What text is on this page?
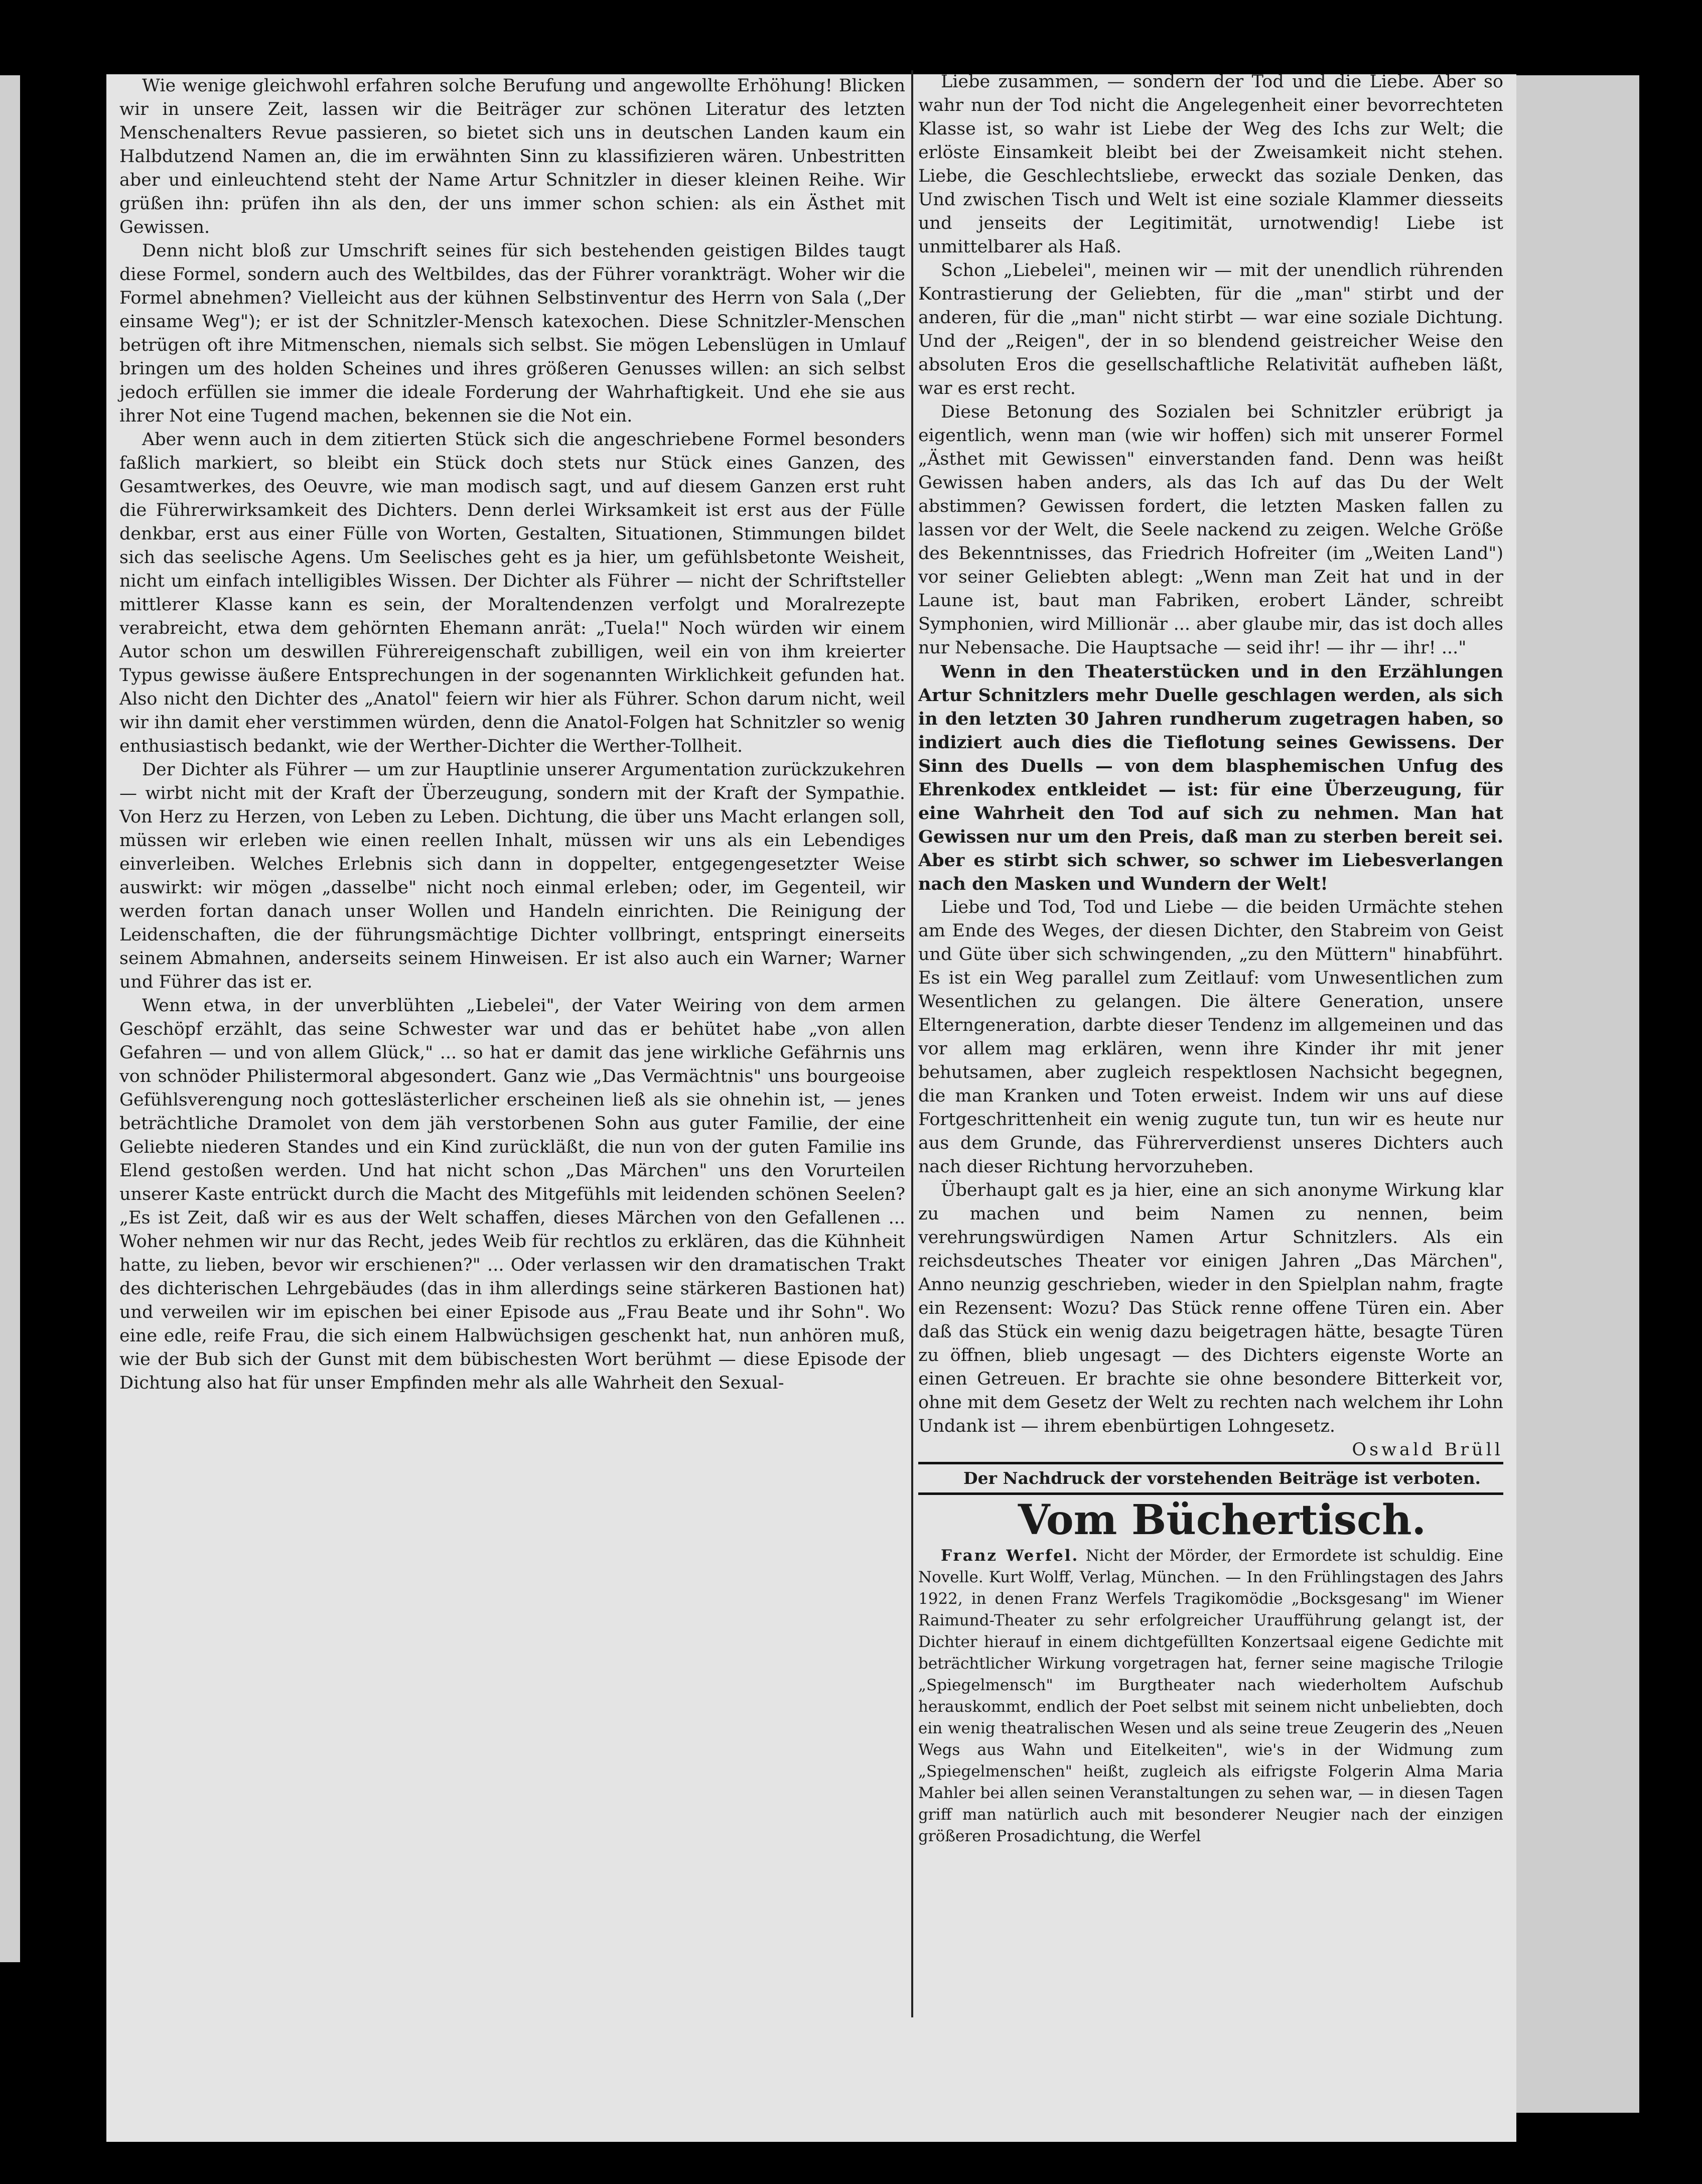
Wie wenige gleichwohl erfahren solche Berufung und angewollte Erhöhung! Blicken wir in unsere Zeit, lassen wir die Beiträger zur schönen Literatur des letzten Menschenalters Revue passieren, so bietet sich uns in deutschen Landen kaum ein Halbdutzend Namen an, die im erwähnten Sinn zu klassifizieren wären. Unbestritten aber und einleuchtend steht der Name Artur Schnitzler in dieser kleinen Reihe. Wir grüßen ihn: prüfen ihn als den, der uns immer schon schien: als ein Ästhet mit Gewissen.

Denn nicht bloß zur Umschrift seines für sich bestehenden geistigen Bildes taugt diese Formel, sondern auch des Weltbildes, das der Führer vorankträgt. Woher wir die Formel abnehmen? Vielleicht aus der kühnen Selbstinventur des Herrn von Sala („Der einsame Weg"); er ist der Schnitzler-Mensch katexochen. Diese Schnitzler-Menschen betrügen oft ihre Mitmenschen, niemals sich selbst. Sie mögen Lebenslügen in Umlauf bringen um des holden Scheines und ihres größeren Genusses willen: an sich selbst jedoch erfüllen sie immer die ideale Forderung der Wahrhaftigkeit. Und ehe sie aus ihrer Not eine Tugend machen, bekennen sie die Not ein.

Aber wenn auch in dem zitierten Stück sich die angeschriebene Formel besonders faßlich markiert, so bleibt ein Stück doch stets nur Stück eines Ganzen, des Gesamtwerkes, des Oeuvre, wie man modisch sagt, und auf diesem Ganzen erst ruht die Führerwirksamkeit des Dichters. Denn derlei Wirksamkeit ist erst aus der Fülle denkbar, erst aus einer Fülle von Worten, Gestalten, Situationen, Stimmungen bildet sich das seelische Agens. Um Seelisches geht es ja hier, um gefühlsbetonte Weisheit, nicht um einfach intelligibles Wissen. Der Dichter als Führer — nicht der Schriftsteller mittlerer Klasse kann es sein, der Moraltendenzen verfolgt und Moralrezepte verabreicht, etwa dem gehörnten Ehemann anrät: „Tuela!" Noch würden wir einem Autor schon um deswillen Führereigenschaft zubilligen, weil ein von ihm kreierter Typus gewisse äußere Entsprechungen in der sogenannten Wirklichkeit gefunden hat. Also nicht den Dichter des „Anatol" feiern wir hier als Führer. Schon darum nicht, weil wir ihn damit eher verstimmen würden, denn die Anatol-Folgen hat Schnitzler so wenig enthusiastisch bedankt, wie der Werther-Dichter die Werther-Tollheit.

Der Dichter als Führer — um zur Hauptlinie unserer Argumentation zurückzukehren — wirbt nicht mit der Kraft der Überzeugung, sondern mit der Kraft der Sympathie. Von Herz zu Herzen, von Leben zu Leben. Dichtung, die über uns Macht erlangen soll, müssen wir erleben wie einen reellen Inhalt, müssen wir uns als ein Lebendiges einverleiben. Welches Erlebnis sich dann in doppelter, entgegengesetzter Weise auswirkt: wir mögen „dasselbe" nicht noch einmal erleben; oder, im Gegenteil, wir werden fortan danach unser Wollen und Handeln einrichten. Die Reinigung der Leidenschaften, die der führungsmächtige Dichter vollbringt, entspringt einerseits seinem Abmahnen, anderseits seinem Hinweisen. Er ist also auch ein Warner; Warner und Führer das ist er.

Wenn etwa, in der unverblühten „Liebelei", der Vater Weiring von dem armen Geschöpf erzählt, das seine Schwester war und das er behütet habe „von allen Gefahren — und von allem Glück," ... so hat er damit das jene wirkliche Gefährnis uns von schnöder Philistermoral abgesondert. Ganz wie „Das Vermächtnis" uns bourgeoise Gefühlsverengung noch gotteslästerlicher erscheinen ließ als sie ohnehin ist, — jenes beträchtliche Dramolet von dem jäh verstorbenen Sohn aus guter Familie, der eine Geliebte niederen Standes und ein Kind zurückläßt, die nun von der guten Familie ins Elend gestoßen werden. Und hat nicht schon „Das Märchen" uns den Vorurteilen unserer Kaste entrückt durch die Macht des Mitgefühls mit leidenden schönen Seelen? „Es ist Zeit, daß wir es aus der Welt schaffen, dieses Märchen von den Gefallenen ... Woher nehmen wir nur das Recht, jedes Weib für rechtlos zu erklären, das die Kühnheit hatte, zu lieben, bevor wir erschienen?" ... Oder verlassen wir den dramatischen Trakt des dichterischen Lehrgebäudes (das in ihm allerdings seine stärkeren Bastionen hat) und verweilen wir im epischen bei einer Episode aus „Frau Beate und ihr Sohn". Wo eine edle, reife Frau, die sich einem Halbwüchsigen geschenkt hat, nun anhören muß, wie der Bub sich der Gunst mit dem bübischesten Wort berühmt — diese Episode der Dichtung also hat für unser Empfinden mehr als alle Wahrheit den Sexual-

Liebe zusammen, — sondern der Tod und die Liebe. Aber so wahr nun der Tod nicht die Angelegenheit einer bevorrechteten Klasse ist, so wahr ist Liebe der Weg des Ichs zur Welt; die erlöste Einsamkeit bleibt bei der Zweisamkeit nicht stehen. Liebe, die Geschlechtsliebe, erweckt das soziale Denken, das Und zwischen Tisch und Welt ist eine soziale Klammer diesseits und jenseits der Legitimität, urnotwendig! Liebe ist unmittelbarer als Haß.

Schon „Liebelei", meinen wir — mit der unendlich rührenden Kontrastierung der Geliebten, für die „man" stirbt und der anderen, für die „man" nicht stirbt — war eine soziale Dichtung. Und der „Reigen", der in so blendend geistreicher Weise den absoluten Eros die gesellschaftliche Relativität aufheben läßt, war es erst recht.

Diese Betonung des Sozialen bei Schnitzler erübrigt ja eigentlich, wenn man (wie wir hoffen) sich mit unserer Formel „Ästhet mit Gewissen" einverstanden fand. Denn was heißt Gewissen haben anders, als das Ich auf das Du der Welt abstimmen? Gewissen fordert, die letzten Masken fallen zu lassen vor der Welt, die Seele nackend zu zeigen. Welche Größe des Bekenntnisses, das Friedrich Hofreiter (im „Weiten Land") vor seiner Geliebten ablegt: „Wenn man Zeit hat und in der Laune ist, baut man Fabriken, erobert Länder, schreibt Symphonien, wird Millionär ... aber glaube mir, das ist doch alles nur Nebensache. Die Hauptsache — seid ihr! — ihr — ihr! ..."

Wenn in den Theaterstücken und in den Erzählungen Artur Schnitzlers mehr Duelle geschlagen werden, als sich in den letzten 30 Jahren rundherum zugetragen haben, so indiziert auch dies die Tieflotung seines Gewissens. Der Sinn des Duells — von dem blasphemischen Unfug des Ehrenkodex entkleidet — ist: für eine Überzeugung, für eine Wahrheit den Tod auf sich zu nehmen. Man hat Gewissen nur um den Preis, daß man zu sterben bereit sei. Aber es stirbt sich schwer, so schwer im Liebesverlangen nach den Masken und Wundern der Welt!

Liebe und Tod, Tod und Liebe — die beiden Urmächte stehen am Ende des Weges, der diesen Dichter, den Stabreim von Geist und Güte über sich schwingenden, „zu den Müttern" hinabführt. Es ist ein Weg parallel zum Zeitlauf: vom Unwesentlichen zum Wesentlichen zu gelangen. Die ältere Generation, unsere Elterngeneration, darbte dieser Tendenz im allgemeinen und das vor allem mag erklären, wenn ihre Kinder ihr mit jener behutsamen, aber zugleich respektlosen Nachsicht begegnen, die man Kranken und Toten erweist. Indem wir uns auf diese Fortgeschrittenheit ein wenig zugute tun, tun wir es heute nur aus dem Grunde, das Führerverdienst unseres Dichters auch nach dieser Richtung hervorzuheben.

Überhaupt galt es ja hier, eine an sich anonyme Wirkung klar zu machen und beim Namen zu nennen, beim verehrungswürdigen Namen Artur Schnitzlers. Als ein reichsdeutsches Theater vor einigen Jahren „Das Märchen", Anno neunzig geschrieben, wieder in den Spielplan nahm, fragte ein Rezensent: Wozu? Das Stück renne offene Türen ein. Aber daß das Stück ein wenig dazu beigetragen hätte, besagte Türen zu öffnen, blieb ungesagt — des Dichters eigenste Worte an einen Getreuen. Er brachte sie ohne besondere Bitterkeit vor, ohne mit dem Gesetz der Welt zu rechten nach welchem ihr Lohn Undank ist — ihrem ebenbürtigen Lohngesetz.

Oswald Brüll

Der Nachdruck der vorstehenden Beiträge ist verboten.

Vom Büchertisch.

Franz Werfel. Nicht der Mörder, der Ermordete ist schuldig. Eine Novelle. Kurt Wolff, Verlag, München. — In den Frühlingstagen des Jahrs 1922, in denen Franz Werfels Tragikomödie „Bocksgesang" im Wiener Raimund-Theater zu sehr erfolgreicher Uraufführung gelangt ist, der Dichter hierauf in einem dichtgefüllten Konzertsaal eigene Gedichte mit beträchtlicher Wirkung vorgetragen hat, ferner seine magische Trilogie „Spiegelmensch" im Burgtheater nach wiederholtem Aufschub herauskommt, endlich der Poet selbst mit seinem nicht unbeliebten, doch ein wenig theatralischen Wesen und als seine treue Zeugerin des „Neuen Wegs aus Wahn und Eitelkeiten", wie's in der Widmung zum „Spiegelmenschen" heißt, zugleich als eifrigste Folgerin Alma Maria Mahler bei allen seinen Veranstaltungen zu sehen war, — in diesen Tagen griff man natürlich auch mit besonderer Neugier nach der einzigen größeren Prosadichtung, die Werfel
